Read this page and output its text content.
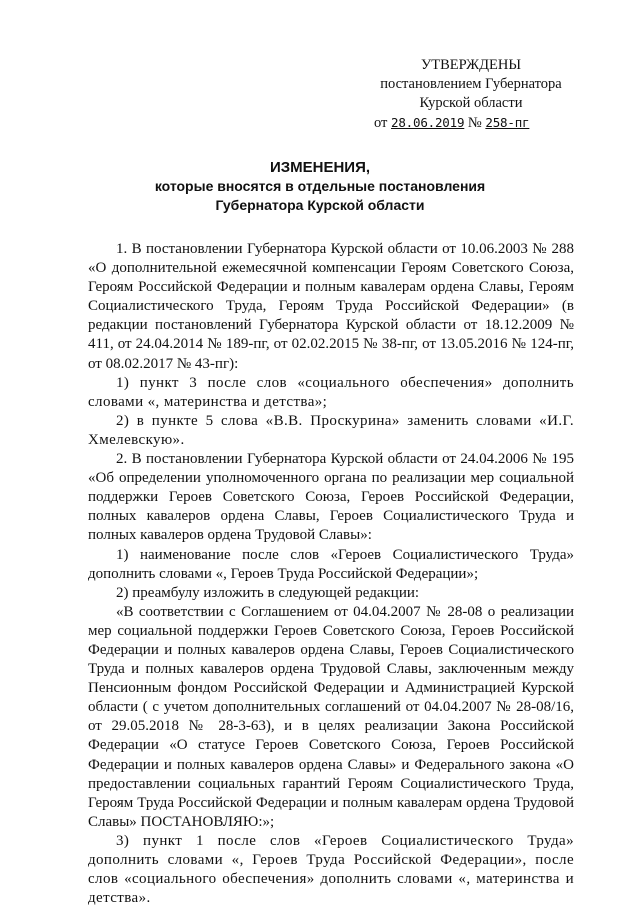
УТВЕРЖДЕНЫ
постановлением Губернатора
Курской области
от 28.06.2019 № 258-пг
ИЗМЕНЕНИЯ,
которые вносятся в отдельные постановления
Губернатора Курской области

1. В постановлении Губернатора Курской области от 10.06.2003 № 288 «О дополнительной ежемесячной компенсации Героям Советского Союза, Героям Российской Федерации и полным кавалерам ордена Славы, Героям Социалистического Труда, Героям Труда Российской Федерации» (в редакции постановлений Губернатора Курской области от 18.12.2009 № 411, от 24.04.2014 № 189-пг, от 02.02.2015 № 38-пг, от 13.05.2016 № 124-пг, от 08.02.2017 № 43-пг):

1) пункт 3 после слов «социального обеспечения» дополнить словами «, материнства и детства»;

2) в пункте 5 слова «В.В. Проскурина» заменить словами «И.Г. Хмелевскую».

2. В постановлении Губернатора Курской области от 24.04.2006 № 195 «Об определении уполномоченного органа по реализации мер социальной поддержки Героев Советского Союза, Героев Российской Федерации, полных кавалеров ордена Славы, Героев Социалистического Труда и полных кавалеров ордена Трудовой Славы»:

1) наименование после слов «Героев Социалистического Труда» дополнить словами «, Героев Труда Российской Федерации»;

2) преамбулу изложить в следующей редакции:

«В соответствии с Соглашением от 04.04.2007 № 28-08 о реализации мер социальной поддержки Героев Советского Союза, Героев Российской Федерации и полных кавалеров ордена Славы, Героев Социалистического Труда и полных кавалеров ордена Трудовой Славы, заключенным между Пенсионным фондом Российской Федерации и Администрацией Курской области ( с учетом дополнительных соглашений от 04.04.2007 № 28-08/16, от 29.05.2018 № 28-3-63), и в целях реализации Закона Российской Федерации «О статусе Героев Советского Союза, Героев Российской Федерации и полных кавалеров ордена Славы» и Федерального закона «О предоставлении социальных гарантий Героям Социалистического Труда, Героям Труда Российской Федерации и полным кавалерам ордена Трудовой Славы» ПОСТАНОВЛЯЮ:»;

3) пункт 1 после слов «Героев Социалистического Труда» дополнить словами «, Героев Труда Российской Федерации», после слов «социального обеспечения» дополнить словами «, материнства и детства».
